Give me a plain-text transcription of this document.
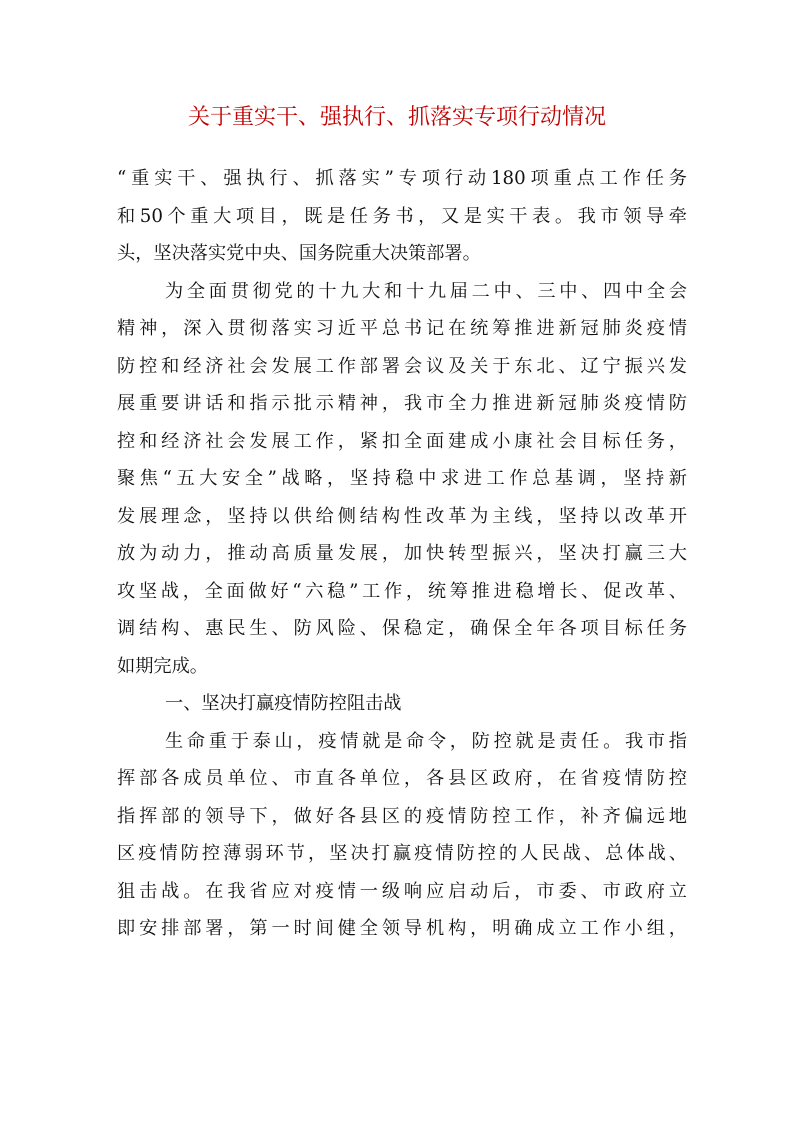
关于重实干、强执行、抓落实专项行动情况
“重实干、强执行、抓落实”专项行动180项重点工作任务
和50个重大项目，既是任务书，又是实干表。我市领导牵
头，坚决落实党中央、国务院重大决策部署。
为全面贯彻党的十九大和十九届二中、三中、四中全会
精神，深入贯彻落实习近平总书记在统筹推进新冠肺炎疫情
防控和经济社会发展工作部署会议及关于东北、辽宁振兴发
展重要讲话和指示批示精神，我市全力推进新冠肺炎疫情防
控和经济社会发展工作，紧扣全面建成小康社会目标任务，
聚焦“五大安全”战略，坚持稳中求进工作总基调，坚持新
发展理念，坚持以供给侧结构性改革为主线，坚持以改革开
放为动力，推动高质量发展，加快转型振兴，坚决打赢三大
攻坚战，全面做好“六稳”工作，统筹推进稳增长、促改革、
调结构、惠民生、防风险、保稳定，确保全年各项目标任务
如期完成。
一、坚决打赢疫情防控阻击战
生命重于泰山，疫情就是命令，防控就是责任。我市指
挥部各成员单位、市直各单位，各县区政府，在省疫情防控
指挥部的领导下，做好各县区的疫情防控工作，补齐偏远地
区疫情防控薄弱环节，坚决打赢疫情防控的人民战、总体战、
狙击战。在我省应对疫情一级响应启动后，市委、市政府立
即安排部署，第一时间健全领导机构，明确成立工作小组，
